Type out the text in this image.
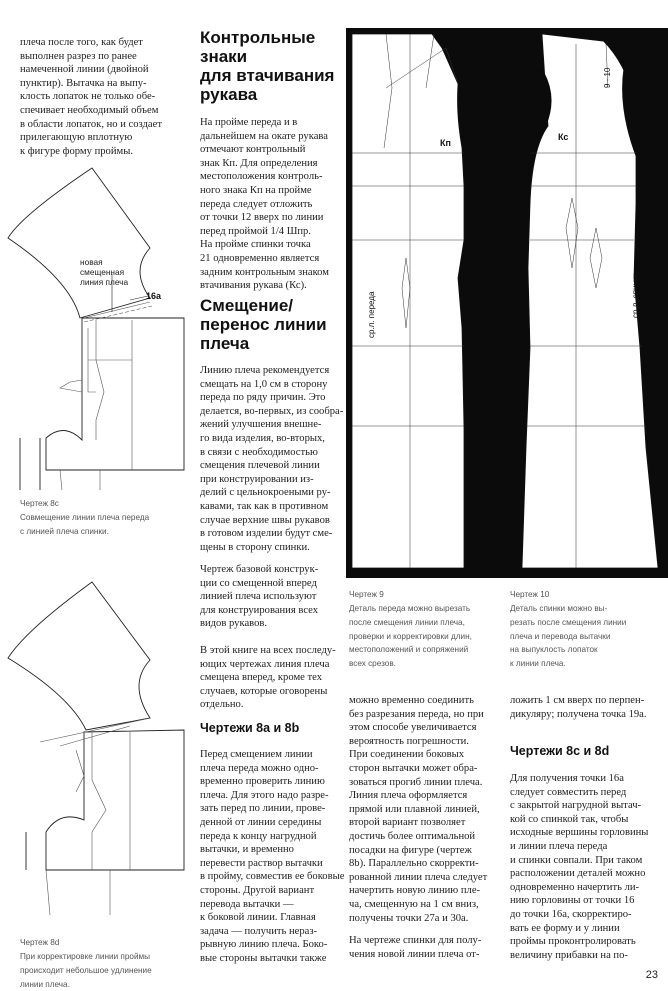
плеча после того, как будет
выполнен разрез по ранее
намеченной линии (двойной
пунктир). Вытачка на выпу-
клость лопаток не только обе-
спечивает необходимый объем
в области лопаток, но и создает
прилегающую вплотную
к фигуре форму проймы.

16а
новая
смещенная
линия плеча

Чертеж 8с

Совмещение линии плеча переда
с линией плеча спинки.

Чертеж 8d

При корректировке линии проймы
происходит небольшое удлинение
линии плеча.

Контрольные
знаки
для втачивания
рукава

На пройме переда и в
дальнейшем на окате рукава
отмечают контрольный
знак Кп. Для определения
местоположения контроль-
ного знака Кп на пройме
переда следует отложить
от точки 12 вверх по линии
перед проймой 1/4 Шпр.
На пройме спинки точка
21 одновременно является
задним контрольным знаком
втачивания рукава (Кс).

Смещение/
перенос линии
плеча

Линию плеча рекомендуется
смещать на 1,0 см в сторону
переда по ряду причин. Это
делается, во-первых, из сообра-
жений улучшения внешне-
го вида изделия, во-вторых,
в связи с необходимостью
смещения плечевой линии
при конструировании из-
делий с цельнокроеными ру-
кавами, так как в противном
случае верхние швы рукавов
в готовом изделии будут сме-
щены в сторону спинки.

Чертеж базовой конструк-
ции со смещенной вперед
линией плеча используют
для конструирования всех
видов рукавов.

В этой книге на всех последу-
ющих чертежах линия плеча
смещена вперед, кроме тех
случаев, которые оговорены
отдельно.

Чертежи 8a и 8b

Перед смещением линии
плеча переда можно одно-
временно проверить линию
плеча. Для этого надо разре-
зать перед по линии, прове-
денной от линии середины
переда к концу нагрудной
вытачки, и временно
перевести раствор вытачки
в пройму, совместив ее боковые
стороны. Другой вариант
перевода вытачки —
к боковой линии. Главная
задача — получить нераз-
рывную линию плеча. Боко-
вые стороны вытачки также

Кп
Кс
9 - 10
ср.л. переда	ср.л. спинки

Чертеж 9

Деталь переда можно вырезать
после смещения линии плеча,
проверки и корректировки длин,
местоположений и сопряжений
всех срезов.

Чертеж 10

Деталь спинки можно вы-
резать после смещения линии
плеча и перевода вытачки
на выпуклость лопаток
к линии плеча.

можно временно соединить
без разрезания переда, но при
этом способе увеличивается
вероятность погрешности.
При соединении боковых
сторон вытачки может обра-
зоваться прогиб линии плеча.
Линия плеча оформляется
прямой или плавной линией,
второй вариант позволяет
достичь более оптимальной
посадки на фигуре (чертеж
8b). Параллельно скорректи-
рованной линии плеча следует
начертить новую линию пле-
ча, смещенную на 1 см вниз,
получены точки 27а и 30а.

На чертеже спинки для полу-
чения новой линии плеча от-

ложить 1 см вверх по перпен-
дикуляру; получена точка 19а.

Чертежи 8с и 8d

Для получения точки 16а
следует совместить перед
с закрытой нагрудной вытач-
кой со спинкой так, чтобы
исходные вершины горловины
и линии плеча переда
и спинки совпали. При таком
расположении деталей можно
одновременно начертить ли-
нию горловины от точки 16
до точки 16а, скорректиро-
вать ее форму и у линии
проймы проконтролировать
величину прибавки на по-

23
